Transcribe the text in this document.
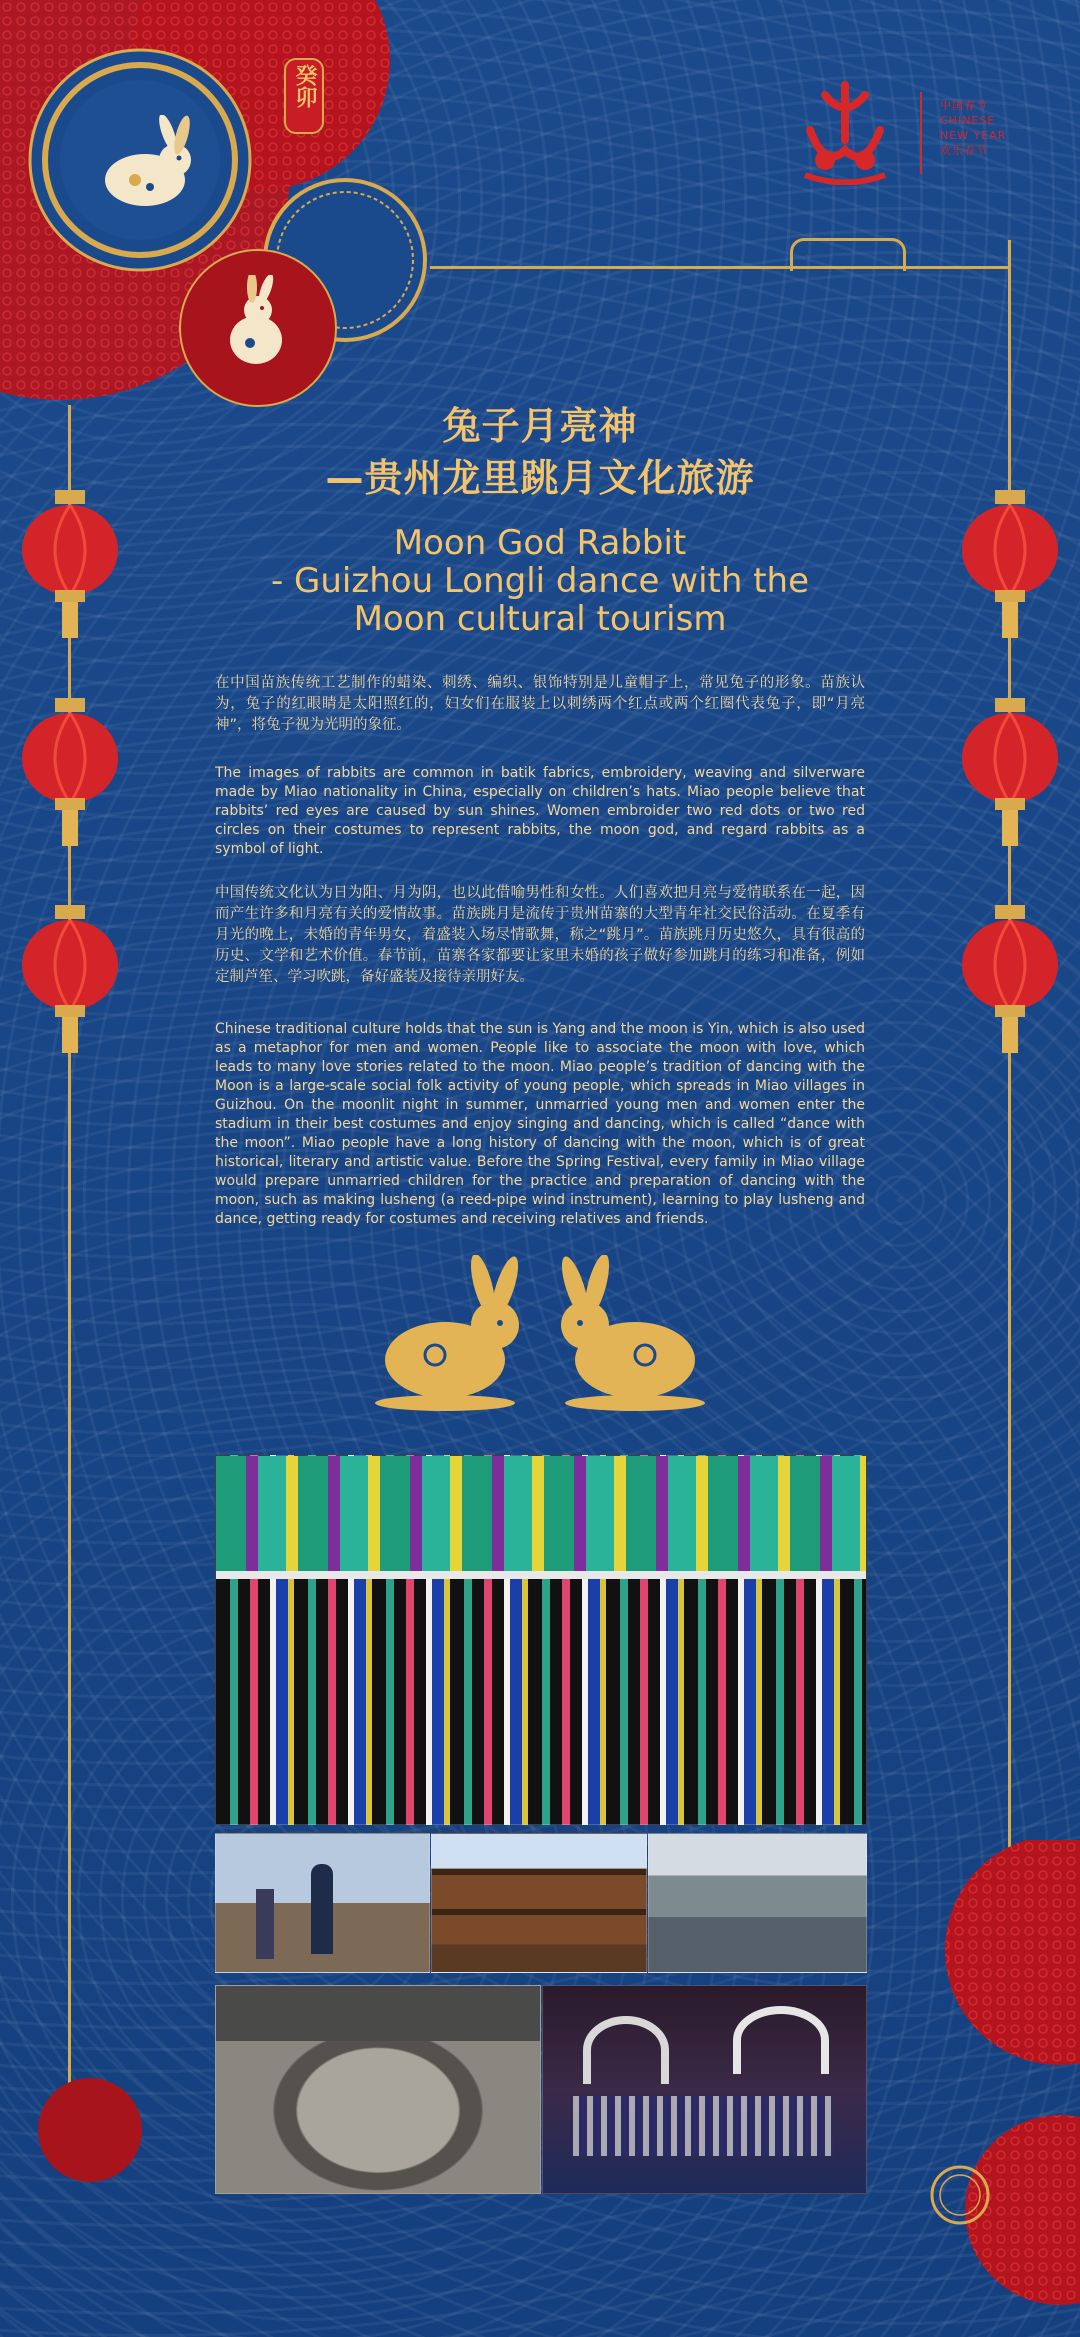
癸卯	中国春节
CHINESE
NEW YEAR
欢乐春节
兔子月亮神
—贵州龙里跳月文化旅游
Moon God Rabbit
- Guizhou Longli dance with the
Moon cultural tourism
在中国苗族传统工艺制作的蜡染、刺绣、编织、银饰特别是儿童帽子上，常见兔子的形象。苗族认为，兔子的红眼睛是太阳照红的，妇女们在服装上以刺绣两个红点或两个红圈代表兔子，即“月亮神”，将兔子视为光明的象征。
The images of rabbits are common in batik fabrics, embroidery, weaving and silverware made by Miao nationality in China, especially on children’s hats. Miao people believe that rabbits’ red eyes are caused by sun shines. Women embroider two red dots or two red circles on their costumes to represent rabbits, the moon god, and regard rabbits as a symbol of light.
中国传统文化认为日为阳、月为阴，也以此借喻男性和女性。人们喜欢把月亮与爱情联系在一起，因而产生许多和月亮有关的爱情故事。苗族跳月是流传于贵州苗寨的大型青年社交民俗活动。在夏季有月光的晚上，未婚的青年男女，着盛装入场尽情歌舞，称之“跳月”。苗族跳月历史悠久，具有很高的历史、文学和艺术价值。春节前，苗寨各家都要让家里未婚的孩子做好参加跳月的练习和准备，例如定制芦笙、学习吹跳，备好盛装及接待亲朋好友。
Chinese traditional culture holds that the sun is Yang and the moon is Yin, which is also used as a metaphor for men and women. People like to associate the moon with love, which leads to many love stories related to the moon. Miao people’s tradition of dancing with the Moon is a large-scale social folk activity of young people, which spreads in Miao villages in Guizhou. On the moonlit night in summer, unmarried young men and women enter the stadium in their best costumes and enjoy singing and dancing, which is called “dance with the moon”. Miao people have a long history of dancing with the moon, which is of great historical, literary and artistic value. Before the Spring Festival, every family in Miao village would prepare unmarried children for the practice and preparation of dancing with the moon, such as making lusheng (a reed-pipe wind instrument), learning to play lusheng and dance, getting ready for costumes and receiving relatives and friends.
